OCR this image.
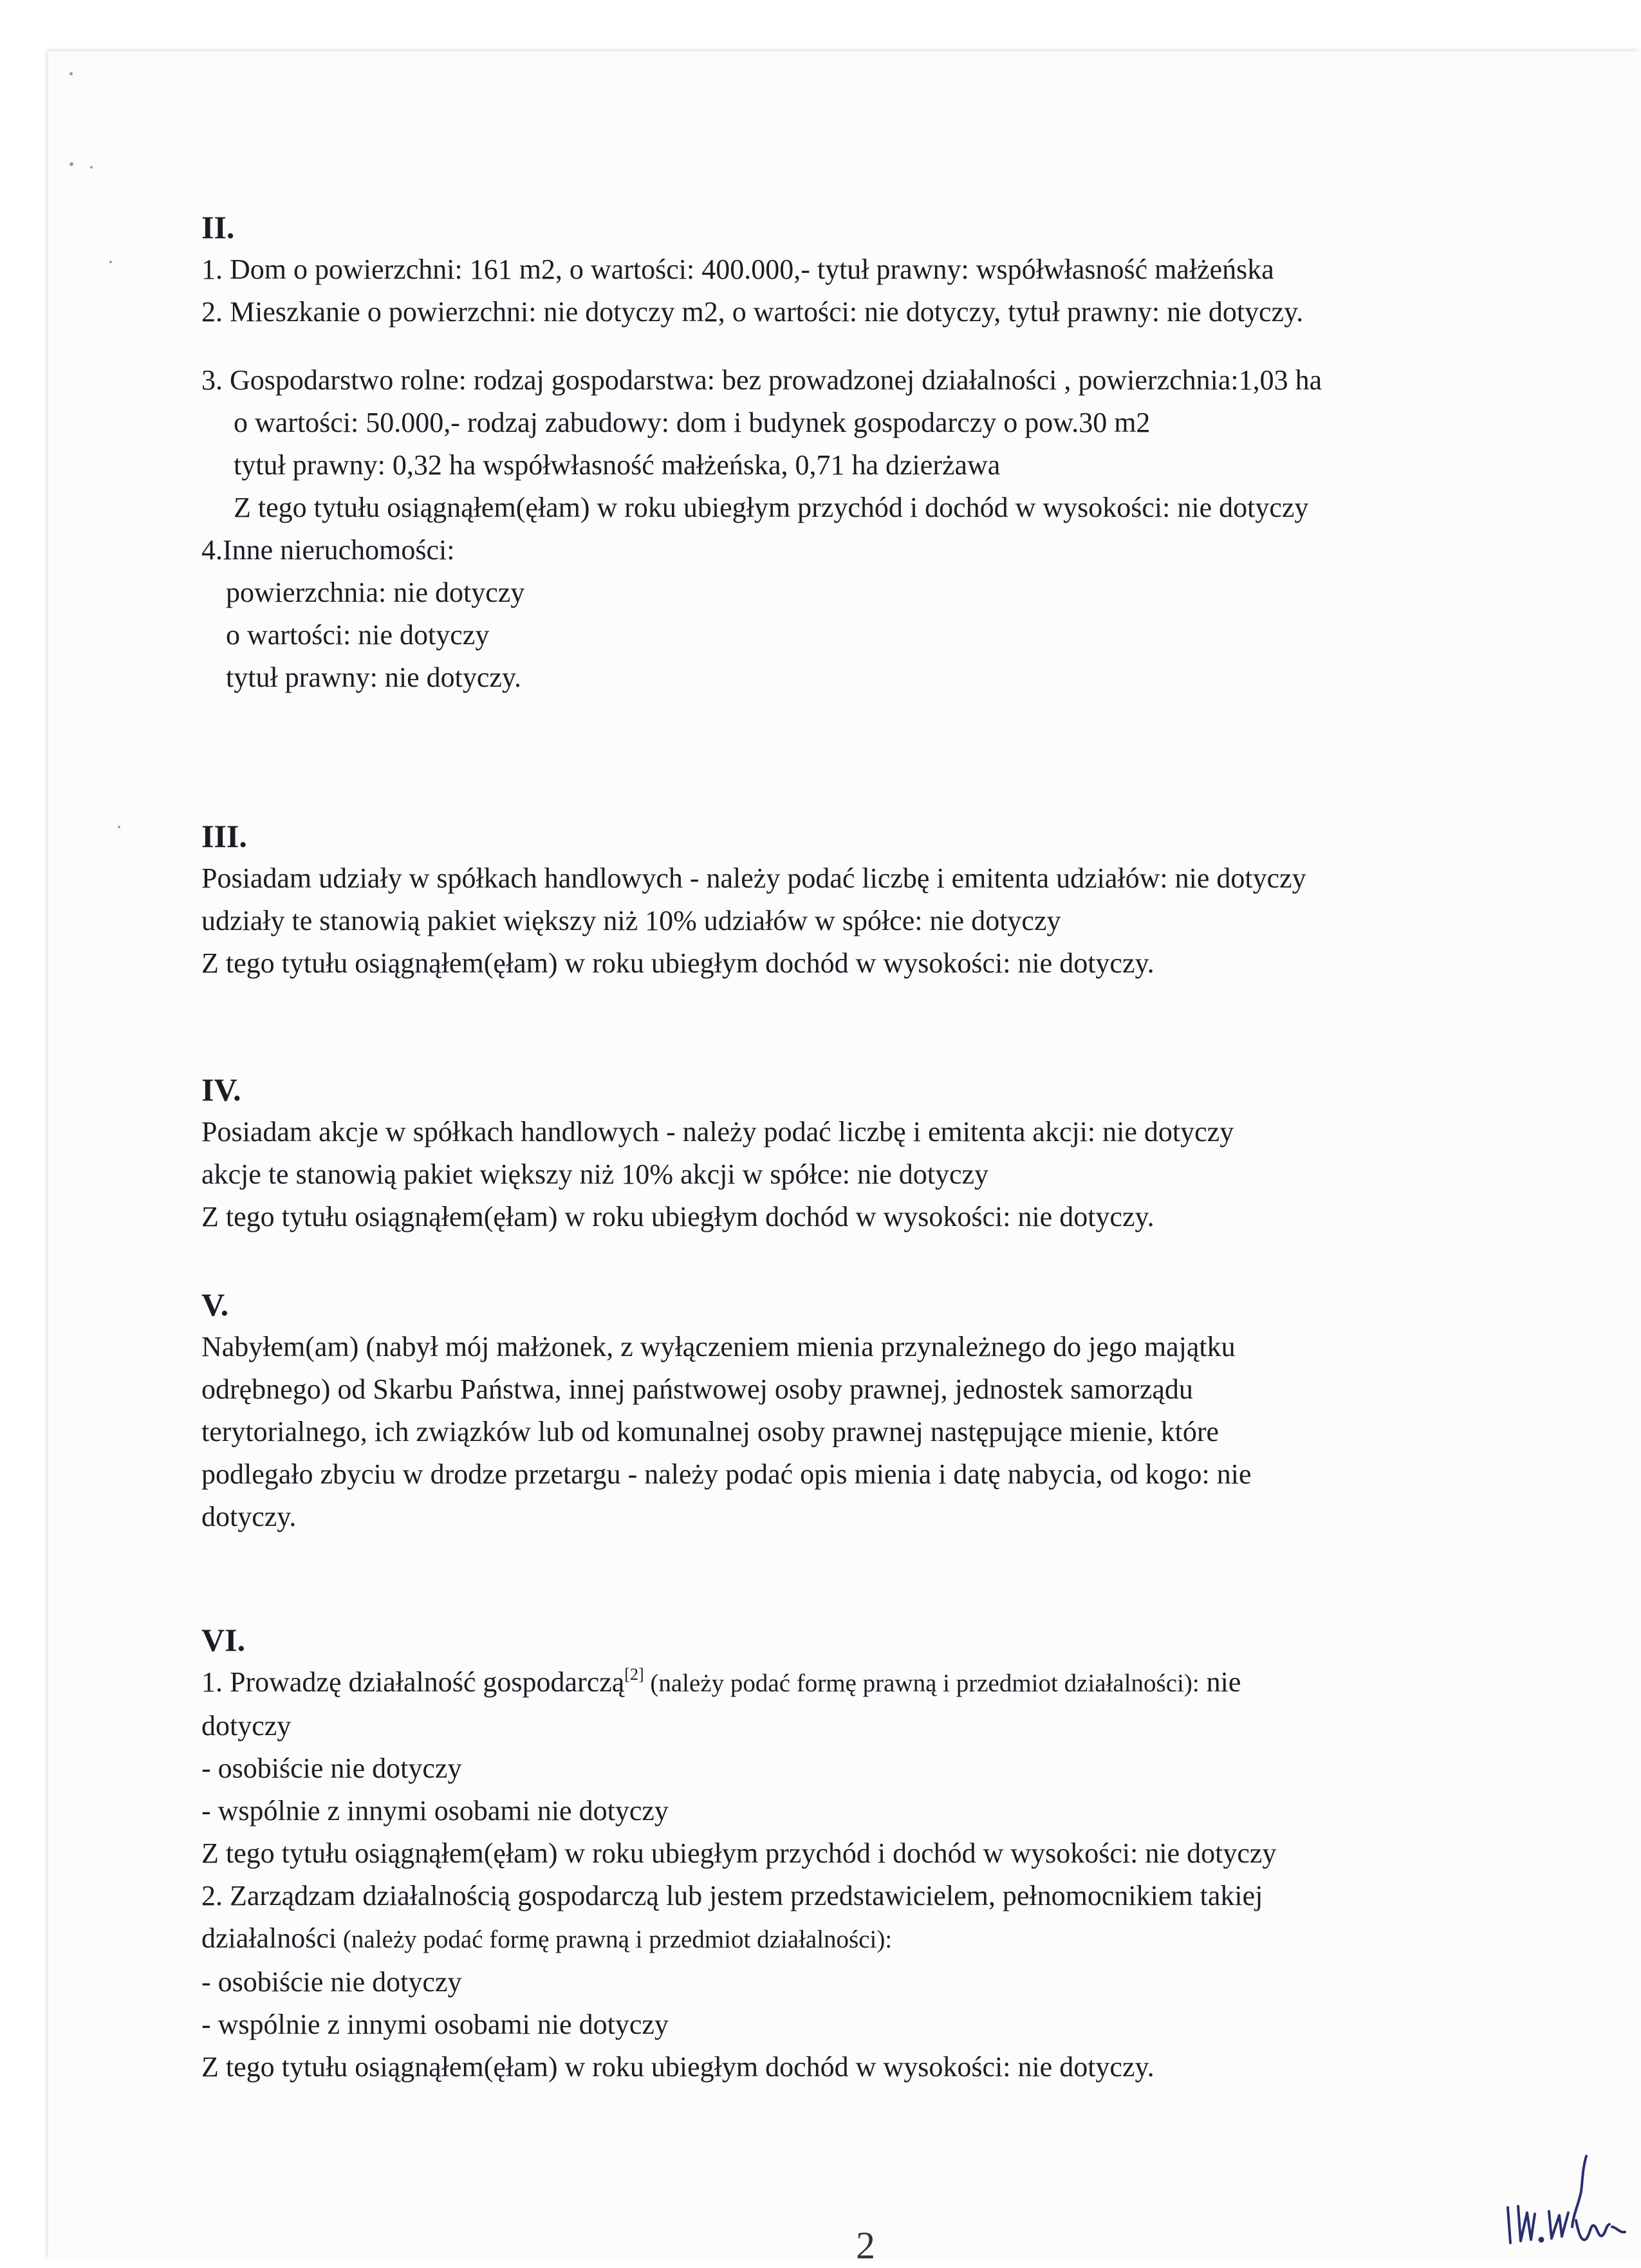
II.
1. Dom o powierzchni: 161 m2, o wartości: 400.000,- tytuł prawny: współwłasność małżeńska
2. Mieszkanie o powierzchni: nie dotyczy m2, o wartości: nie dotyczy, tytuł prawny: nie dotyczy.
3. Gospodarstwo rolne: rodzaj gospodarstwa: bez prowadzonej działalności , powierzchnia:1,03 ha
o wartości: 50.000,- rodzaj zabudowy: dom i budynek gospodarczy o pow.30 m2
tytuł prawny: 0,32 ha współwłasność małżeńska, 0,71 ha dzierżawa
Z tego tytułu osiągnąłem(ęłam) w roku ubiegłym przychód i dochód w wysokości: nie dotyczy
4.Inne nieruchomości:
powierzchnia: nie dotyczy
o wartości: nie dotyczy
tytuł prawny: nie dotyczy.
III.
Posiadam udziały w spółkach handlowych - należy podać liczbę i emitenta udziałów: nie dotyczy
udziały te stanowią pakiet większy niż 10% udziałów w spółce: nie dotyczy
Z tego tytułu osiągnąłem(ęłam) w roku ubiegłym dochód w wysokości: nie dotyczy.
IV.
Posiadam akcje w spółkach handlowych - należy podać liczbę i emitenta akcji: nie dotyczy
akcje te stanowią pakiet większy niż 10% akcji w spółce: nie dotyczy
Z tego tytułu osiągnąłem(ęłam) w roku ubiegłym dochód w wysokości: nie dotyczy.
V.
Nabyłem(am) (nabył mój małżonek, z wyłączeniem mienia przynależnego do jego majątku
odrębnego) od Skarbu Państwa, innej państwowej osoby prawnej, jednostek samorządu
terytorialnego, ich związków lub od komunalnej osoby prawnej następujące mienie, które
podlegało zbyciu w drodze przetargu - należy podać opis mienia i datę nabycia, od kogo: nie
dotyczy.
VI.
1. Prowadzę działalność gospodarczą[2] (należy podać formę prawną i przedmiot działalności): nie
dotyczy
- osobiście nie dotyczy
- wspólnie z innymi osobami nie dotyczy
Z tego tytułu osiągnąłem(ęłam) w roku ubiegłym przychód i dochód w wysokości: nie dotyczy
2. Zarządzam działalnością gospodarczą lub jestem przedstawicielem, pełnomocnikiem takiej
działalności (należy podać formę prawną i przedmiot działalności):
- osobiście nie dotyczy
- wspólnie z innymi osobami nie dotyczy
Z tego tytułu osiągnąłem(ęłam) w roku ubiegłym dochód w wysokości: nie dotyczy.
2
